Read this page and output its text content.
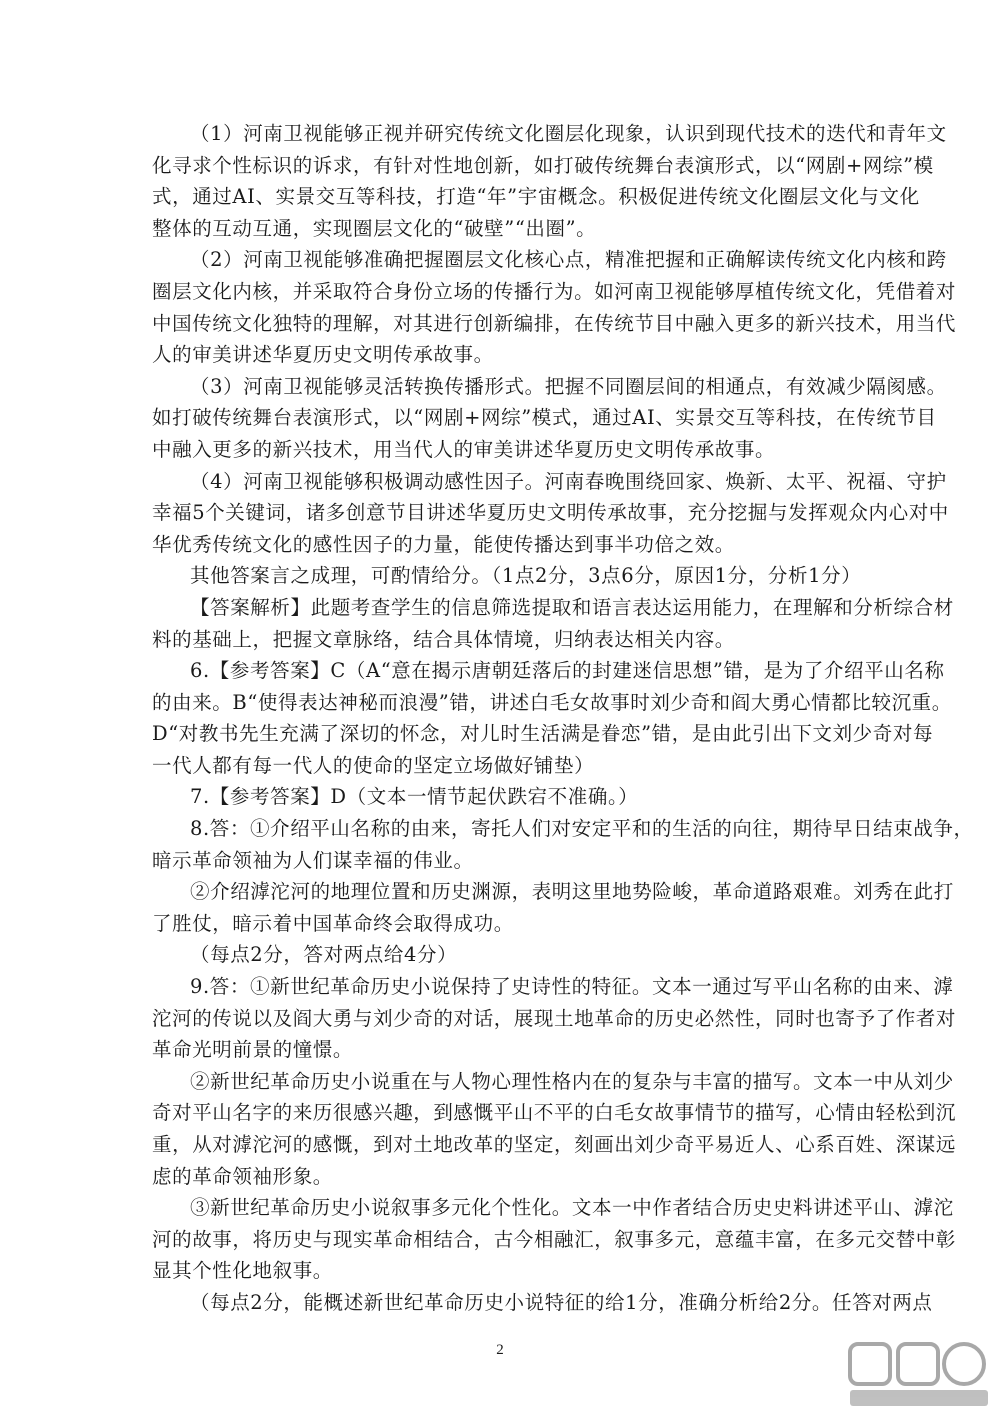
（1）河南卫视能够正视并研究传统文化圈层化现象，认识到现代技术的迭代和青年文
化寻求个性标识的诉求，有针对性地创新，如打破传统舞台表演形式，以“网剧+网综”模
式，通过AI、实景交互等科技，打造“年”宇宙概念。积极促进传统文化圈层文化与文化
整体的互动互通，实现圈层文化的“破壁”“出圈”。
（2）河南卫视能够准确把握圈层文化核心点，精准把握和正确解读传统文化内核和跨
圈层文化内核，并采取符合身份立场的传播行为。如河南卫视能够厚植传统文化，凭借着对
中国传统文化独特的理解，对其进行创新编排，在传统节目中融入更多的新兴技术，用当代
人的审美讲述华夏历史文明传承故事。
（3）河南卫视能够灵活转换传播形式。把握不同圈层间的相通点，有效减少隔阂感。
如打破传统舞台表演形式，以“网剧+网综”模式，通过AI、实景交互等科技，在传统节目
中融入更多的新兴技术，用当代人的审美讲述华夏历史文明传承故事。
（4）河南卫视能够积极调动感性因子。河南春晚围绕回家、焕新、太平、祝福、守护
幸福5个关键词，诸多创意节目讲述华夏历史文明传承故事，充分挖掘与发挥观众内心对中
华优秀传统文化的感性因子的力量，能使传播达到事半功倍之效。
其他答案言之成理，可酌情给分。（1点2分，3点6分，原因1分，分析1分）
【答案解析】此题考查学生的信息筛选提取和语言表达运用能力，在理解和分析综合材
料的基础上，把握文章脉络，结合具体情境，归纳表达相关内容。
6.【参考答案】C（A“意在揭示唐朝廷落后的封建迷信思想”错，是为了介绍平山名称
的由来。B“使得表达神秘而浪漫”错，讲述白毛女故事时刘少奇和阎大勇心情都比较沉重。
D“对教书先生充满了深切的怀念，对儿时生活满是眷恋”错，是由此引出下文刘少奇对每
一代人都有每一代人的使命的坚定立场做好铺垫）
7.【参考答案】D（文本一情节起伏跌宕不准确。）
8.答：①介绍平山名称的由来，寄托人们对安定平和的生活的向往，期待早日结束战争，
暗示革命领袖为人们谋幸福的伟业。
②介绍滹沱河的地理位置和历史渊源，表明这里地势险峻，革命道路艰难。刘秀在此打
了胜仗，暗示着中国革命终会取得成功。
（每点2分，答对两点给4分）
9.答：①新世纪革命历史小说保持了史诗性的特征。文本一通过写平山名称的由来、滹
沱河的传说以及阎大勇与刘少奇的对话，展现土地革命的历史必然性，同时也寄予了作者对
革命光明前景的憧憬。
②新世纪革命历史小说重在与人物心理性格内在的复杂与丰富的描写。文本一中从刘少
奇对平山名字的来历很感兴趣，到感慨平山不平的白毛女故事情节的描写，心情由轻松到沉
重，从对滹沱河的感慨，到对土地改革的坚定，刻画出刘少奇平易近人、心系百姓、深谋远
虑的革命领袖形象。
③新世纪革命历史小说叙事多元化个性化。文本一中作者结合历史史料讲述平山、滹沱
河的故事，将历史与现实革命相结合，古今相融汇，叙事多元，意蕴丰富，在多元交替中彰
显其个性化地叙事。
（每点2分，能概述新世纪革命历史小说特征的给1分，准确分析给2分。任答对两点
2
